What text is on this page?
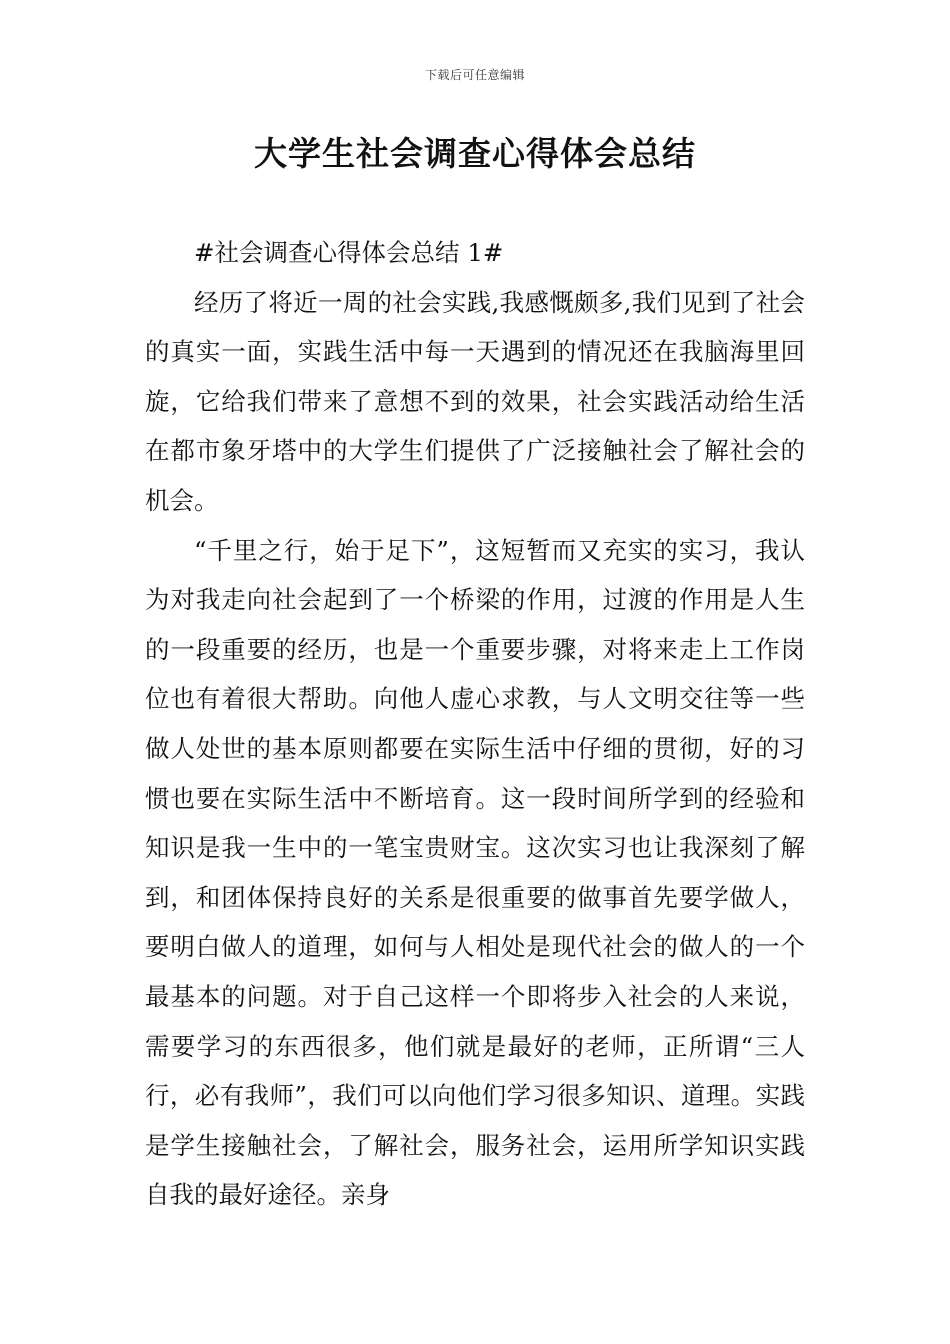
下载后可任意编辑
大学生社会调查心得体会总结

#社会调查心得体会总结 1#

经历了将近一周的社会实践,我感慨颇多,我们见到了社会的真实一面，实践生活中每一天遇到的情况还在我脑海里回旋，它给我们带来了意想不到的效果，社会实践活动给生活在都市象牙塔中的大学生们提供了广泛接触社会了解社会的机会。

“千里之行，始于足下”，这短暂而又充实的实习，我认为对我走向社会起到了一个桥梁的作用，过渡的作用是人生的一段重要的经历，也是一个重要步骤，对将来走上工作岗位也有着很大帮助。向他人虚心求教，与人文明交往等一些做人处世的基本原则都要在实际生活中仔细的贯彻，好的习惯也要在实际生活中不断培育。这一段时间所学到的经验和知识是我一生中的一笔宝贵财宝。这次实习也让我深刻了解到，和团体保持良好的关系是很重要的做事首先要学做人，要明白做人的道理，如何与人相处是现代社会的做人的一个最基本的问题。对于自己这样一个即将步入社会的人来说，需要学习的东西很多，他们就是最好的老师，正所谓“三人行，必有我师”，我们可以向他们学习很多知识、道理。实践是学生接触社会，了解社会，服务社会，运用所学知识实践自我的最好途径。亲身
